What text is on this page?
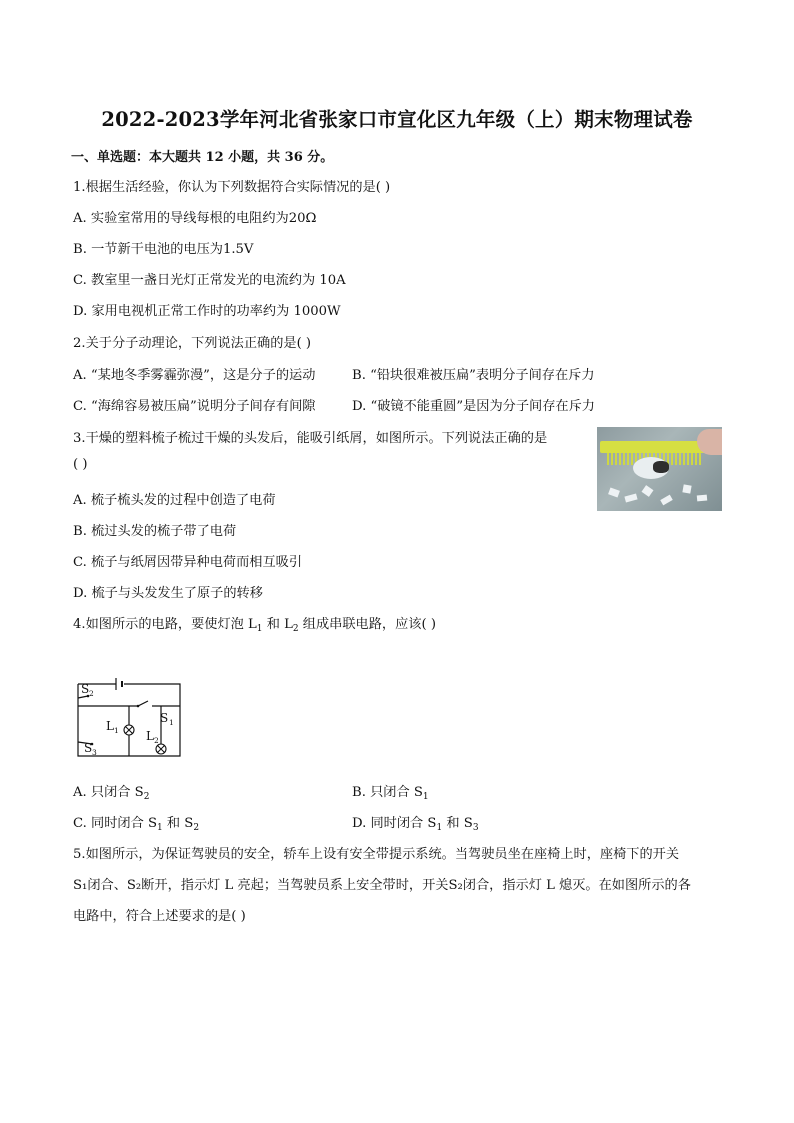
2022-2023学年河北省张家口市宣化区九年级（上）期末物理试卷
一、单选题：本大题共 12 小题，共 36 分。
1.根据生活经验，你认为下列数据符合实际情况的是( )
A. 实验室常用的导线每根的电阻约为20Ω
B. 一节新干电池的电压为1.5V
C. 教室里一盏日光灯正常发光的电流约为 10A
D. 家用电视机正常工作时的功率约为 1000W
2.关于分子动理论，下列说法正确的是( )
A. “某地冬季雾霾弥漫”，这是分子的运动	B. “铅块很难被压扁”表明分子间存在斥力
C. “海绵容易被压扁”说明分子间存有间隙	D. “破镜不能重圆”是因为分子间存在斥力
3.干燥的塑料梳子梳过干燥的头发后，能吸引纸屑，如图所示。下列说法正确的是
( )
A. 梳子梳头发的过程中创造了电荷
B. 梳过头发的梳子带了电荷
C. 梳子与纸屑因带异种电荷而相互吸引
D. 梳子与头发发生了原子的转移
4.如图所示的电路，要使灯泡 $L_1$ 和 $L_2$ 组成串联电路，应该( )
S 2
S 1
L 1 L 2
S 3
A. 只闭合 $S_2$	B. 只闭合 $S_1$
C. 同时闭合 $S_1$ 和 $S_2$	D. 同时闭合 $S_1$ 和 $S_3$
5.如图所示，为保证驾驶员的安全，轿车上设有安全带提示系统。当驾驶员坐在座椅上时，座椅下的开关
S₁闭合、S₂断开，指示灯 L 亮起；当驾驶员系上安全带时，开关S₂闭合，指示灯 L 熄灭。在如图所示的各
电路中，符合上述要求的是( )
